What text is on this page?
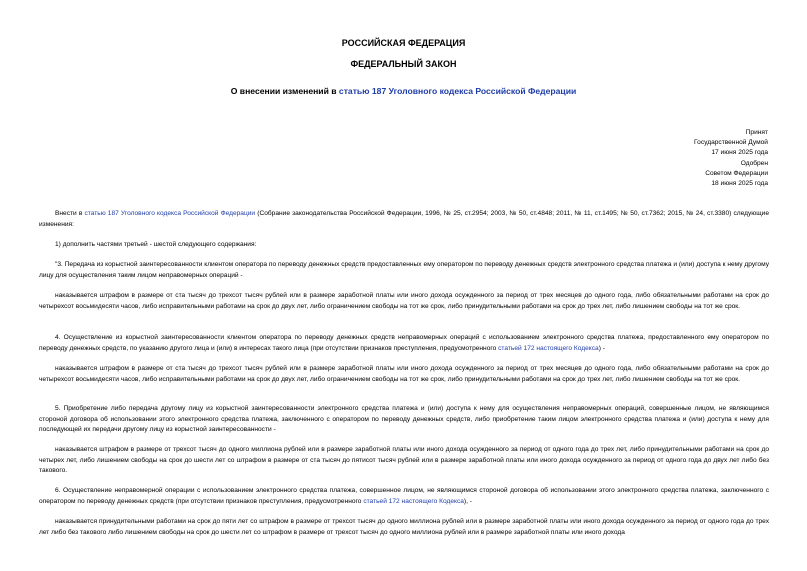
РОССИЙСКАЯ ФЕДЕРАЦИЯ
ФЕДЕРАЛЬНЫЙ ЗАКОН
О внесении изменений в статью 187 Уголовного кодекса Российской Федерации
Принят
Государственной Думой
17 июня 2025 года
Одобрен
Советом Федерации
18 июня 2025 года
Внести в статью 187 Уголовного кодекса Российской Федерации (Собрание законодательства Российской Федерации, 1996, № 25, ст.2954; 2003, № 50, ст.4848; 2011, № 11, ст.1495; № 50, ст.7362; 2015, № 24, ст.3380) следующие изменения:
1) дополнить частями третьей - шестой следующего содержания:
"3. Передача из корыстной заинтересованности клиентом оператора по переводу денежных средств предоставленных ему оператором по переводу денежных средств электронного средства платежа и (или) доступа к нему другому лицу для осуществления таким лицом неправомерных операций -
наказывается штрафом в размере от ста тысяч до трехсот тысяч рублей или в размере заработной платы или иного дохода осужденного за период от трех месяцев до одного года, либо обязательными работами на срок до четырехсот восьмидесяти часов, либо исправительными работами на срок до двух лет, либо ограничением свободы на тот же срок, либо принудительными работами на срок до трех лет, либо лишением свободы на тот же срок.
4. Осуществление из корыстной заинтересованности клиентом оператора по переводу денежных средств неправомерных операций с использованием электронного средства платежа, предоставленного ему оператором по переводу денежных средств, по указанию другого лица и (или) в интересах такого лица (при отсутствии признаков преступления, предусмотренного статьей 172 настоящего Кодекса) -
наказывается штрафом в размере от ста тысяч до трехсот тысяч рублей или в размере заработной платы или иного дохода осужденного за период от трех месяцев до одного года, либо обязательными работами на срок до четырехсот восьмидесяти часов, либо исправительными работами на срок до двух лет, либо ограничением свободы на тот же срок, либо принудительными работами на срок до трех лет, либо лишением свободы на тот же срок.
5. Приобретение либо передача другому лицу из корыстной заинтересованности электронного средства платежа и (или) доступа к нему для осуществления неправомерных операций, совершенные лицом, не являющимся стороной договора об использовании этого электронного средства платежа, заключенного с оператором по переводу денежных средств, либо приобретение таким лицом электронного средства платежа и (или) доступа к нему для последующей их передачи другому лицу из корыстной заинтересованности -
наказывается штрафом в размере от трехсот тысяч до одного миллиона рублей или в размере заработной платы или иного дохода осужденного за период от одного года до трех лет, либо принудительными работами на срок до четырех лет, либо лишением свободы на срок до шести лет со штрафом в размере от ста тысяч до пятисот тысяч рублей или в размере заработной платы или иного дохода осужденного за период от одного года до двух лет либо без такового.
6. Осуществление неправомерной операции с использованием электронного средства платежа, совершенное лицом, не являющимся стороной договора об использовании этого электронного средства платежа, заключенного с оператором по переводу денежных средств (при отсутствии признаков преступления, предусмотренного статьей 172 настоящего Кодекса), -
наказывается принудительными работами на срок до пяти лет со штрафом в размере от трехсот тысяч до одного миллиона рублей или в размере заработной платы или иного дохода осужденного за период от одного года до трех лет либо без такового либо лишением свободы на срок до шести лет со штрафом в размере от трехсот тысяч до одного миллиона рублей или в размере заработной платы или иного дохода
